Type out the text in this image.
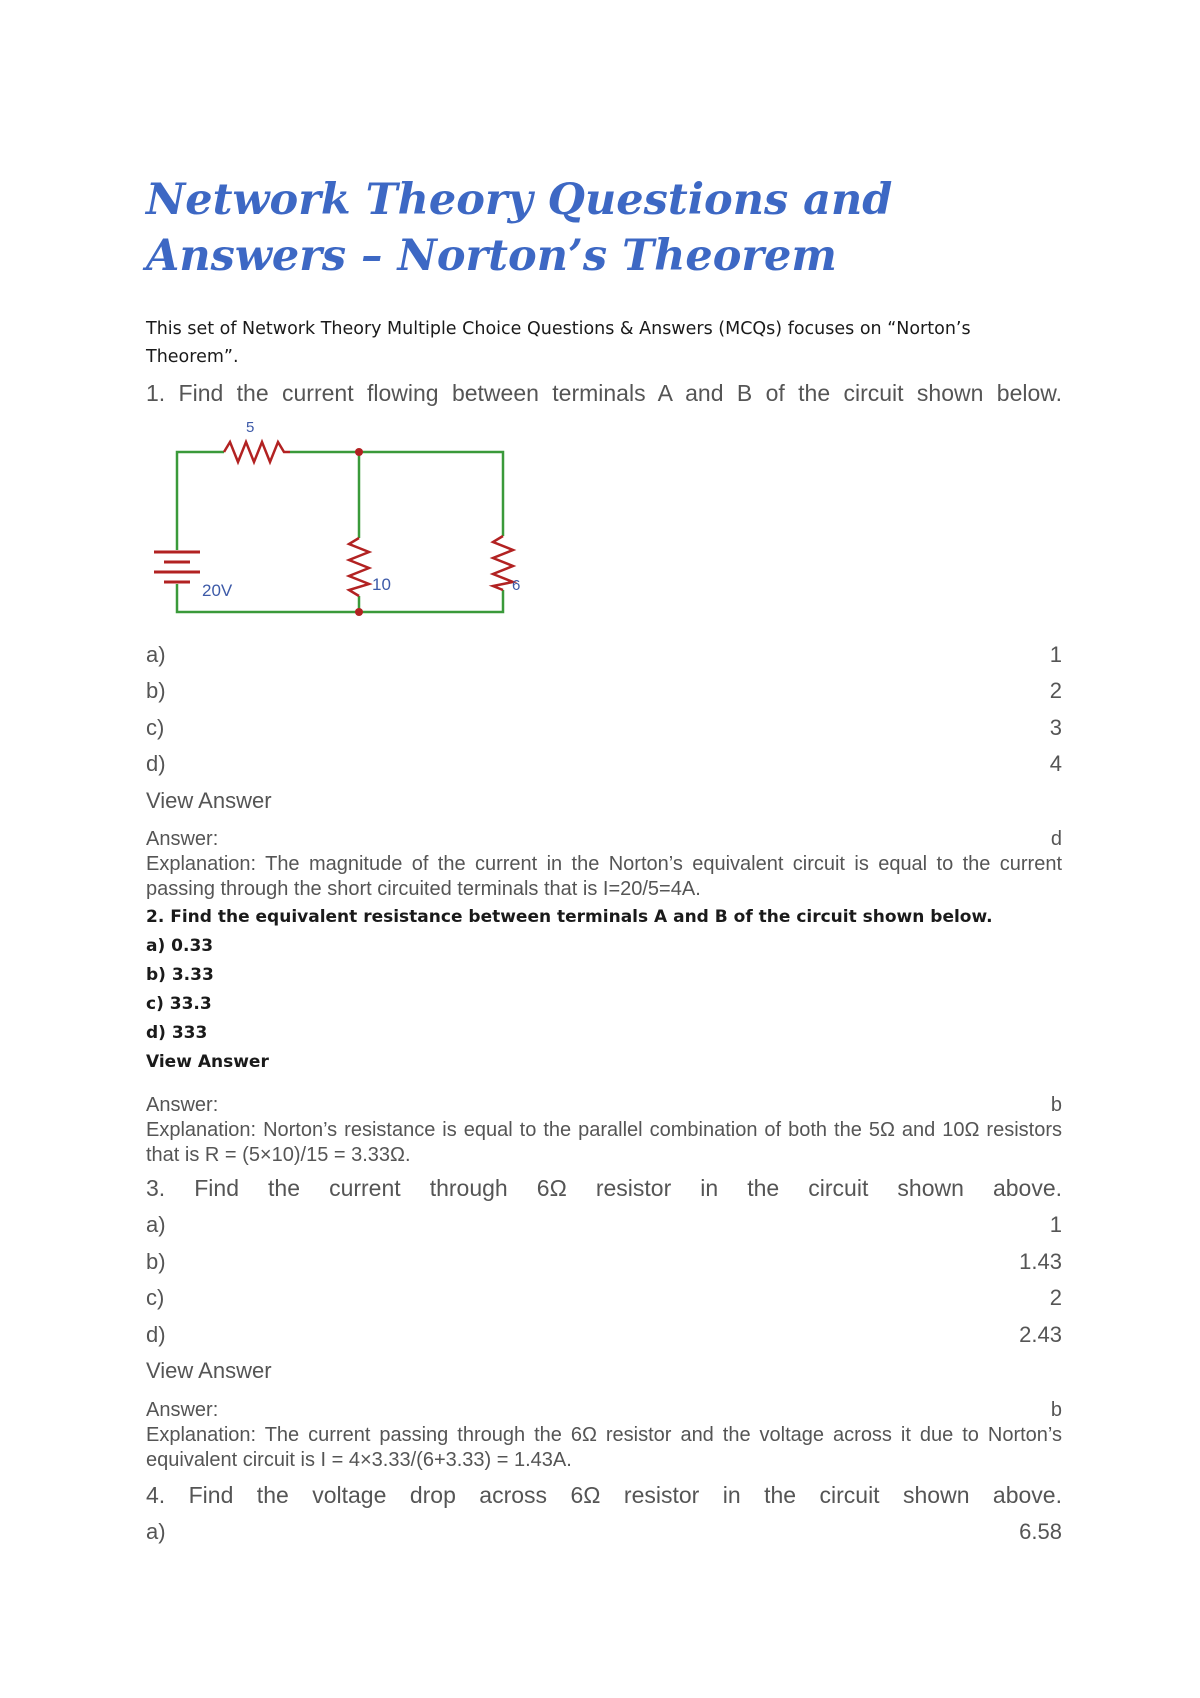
Network Theory Questions and Answers – Norton’s Theorem
This set of Network Theory Multiple Choice Questions & Answers (MCQs) focuses on “Norton’s Theorem”.
1. Find the current flowing between terminals A and B of the circuit shown below.
5
10	6
20V
a)	1
b)	2
c)	3
d)	4
View Answer
Answer:	d
Explanation: The magnitude of the current in the Norton’s equivalent circuit is equal to the current passing through the short circuited terminals that is I=20/5=4A.
2. Find the equivalent resistance between terminals A and B of the circuit shown below.
a) 0.33
b) 3.33
c) 33.3
d) 333
View Answer
Answer:	b
Explanation: Norton’s resistance is equal to the parallel combination of both the 5Ω and 10Ω resistors that is R = (5×10)/15 = 3.33Ω.
3. Find the current through 6Ω resistor in the circuit shown above.
a)	1
b)	1.43
c)	2
d)	2.43
View Answer
Answer:	b
Explanation: The current passing through the 6Ω resistor and the voltage across it due to Norton’s equivalent circuit is I = 4×3.33/(6+3.33) = 1.43A.
4. Find the voltage drop across 6Ω resistor in the circuit shown above.
a)	6.58
